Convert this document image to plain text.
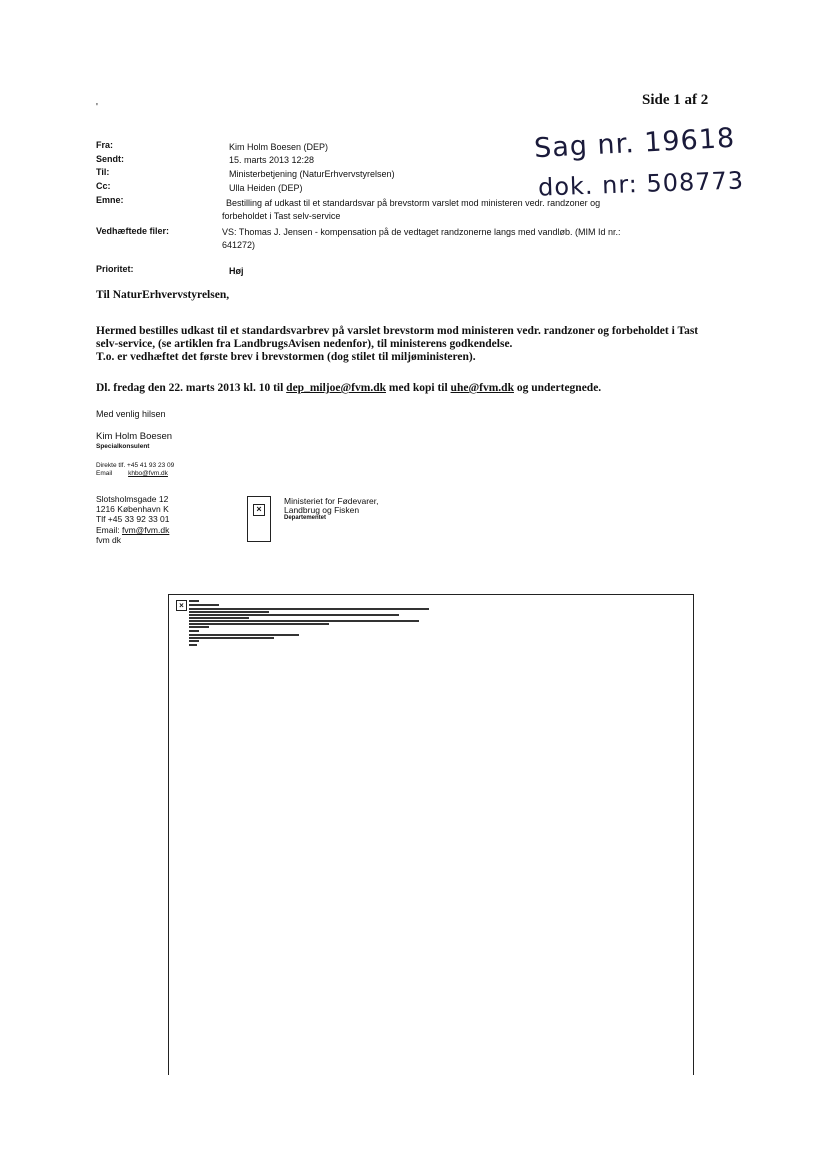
Side 1 af 2
'
Sag nr. 19618
dok. nr: 508773
Fra:	Kim Holm Boesen (DEP)
Sendt:	15. marts 2013 12:28
Til:	Ministerbetjening (NaturErhvervstyrelsen)
Cc:	Ulla Heiden (DEP)
Emne:	Bestilling af udkast til et standardsvar på brevstorm varslet mod ministeren vedr. randzoner og
forbeholdet i Tast selv-service
Vedhæftede filer:	VS: Thomas J. Jensen - kompensation på de vedtaget randzonerne langs med vandløb. (MIM Id nr.:
641272)
Prioritet:	Høj
Til NaturErhvervstyrelsen,
Hermed bestilles udkast til et standardsvarbrev på varslet brevstorm mod ministeren vedr. randzoner og forbeholdet i Tast
selv-service, (se artiklen fra LandbrugsAvisen nedenfor), til ministerens godkendelse.
T.o. er vedhæftet det første brev i brevstormen (dog stilet til miljøministeren).
Dl. fredag den 22. marts 2013 kl. 10 til dep_miljoe@fvm.dk med kopi til uhe@fvm.dk og undertegnede.
Med venlig hilsen
Kim Holm Boesen
Specialkonsulent
Direkte tlf. +45 41 93 23 09
Email khbo@fvm.dk
Slotsholmsgade 12
1216 København K
Tlf +45 33 92 33 01
Email: fvm@fvm.dk
fvm dk
×
Ministeriet for Fødevarer,
Landbrug og Fisken
Departementet
×
